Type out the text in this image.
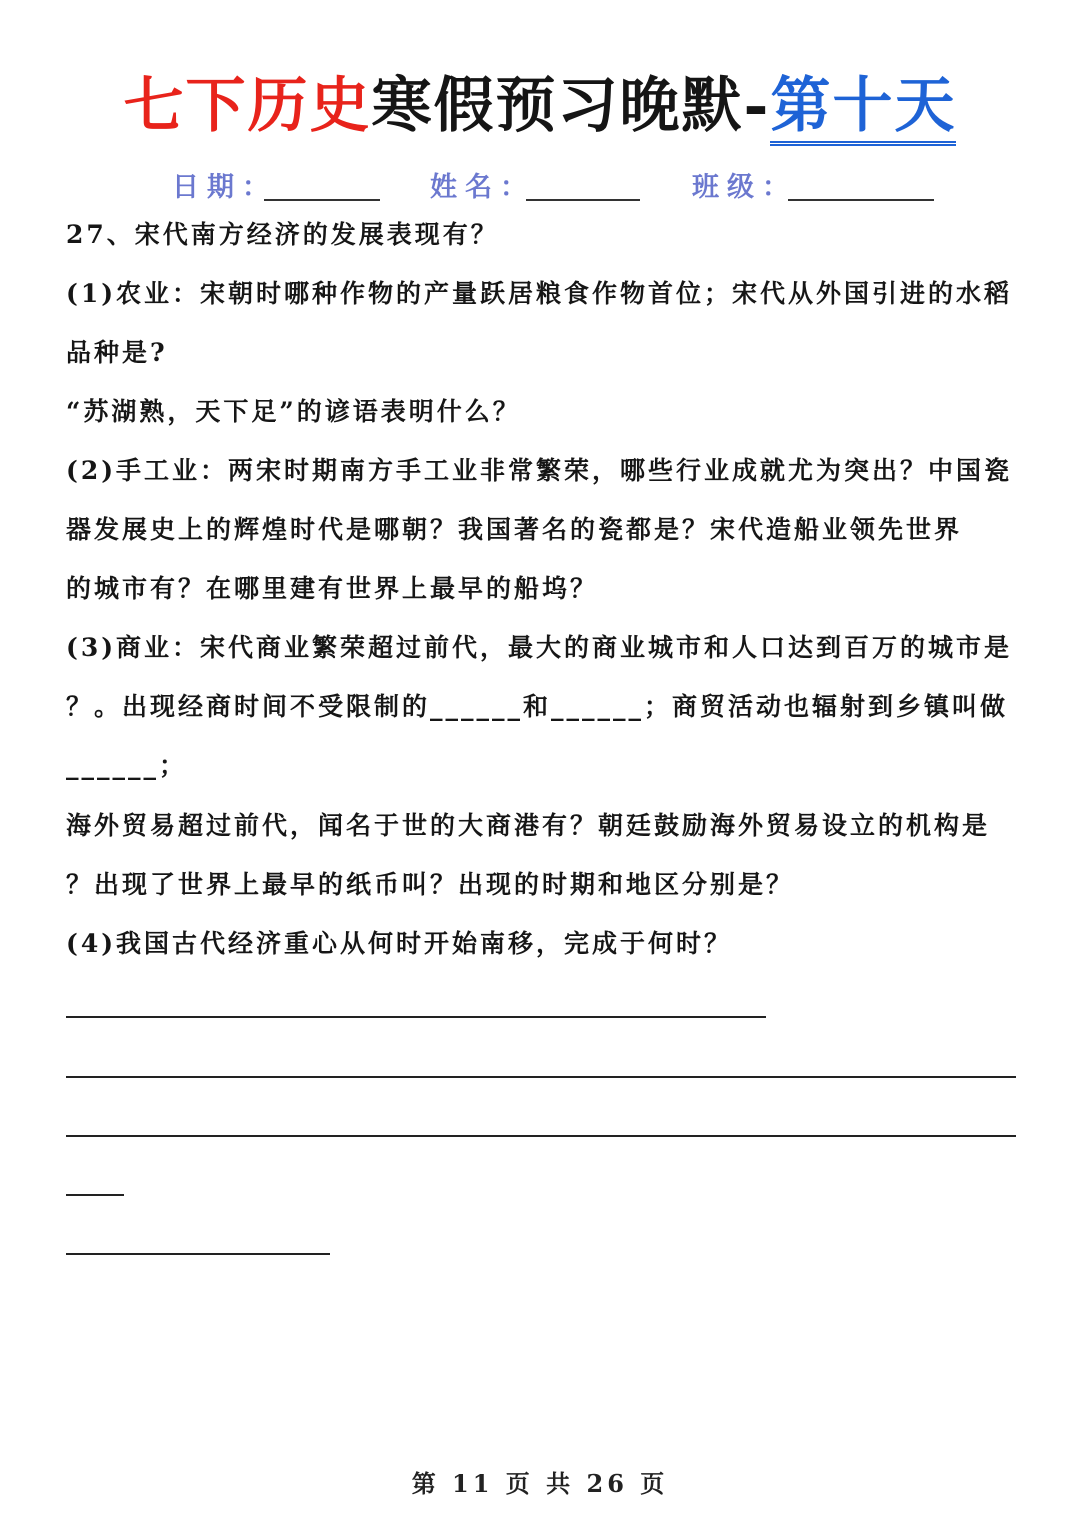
七下历史寒假预习晚默-第十天
日期：	姓名：	班级：

27、宋代南方经济的发展表现有？

(1)农业：宋朝时哪种作物的产量跃居粮食作物首位；宋代从外国引进的水稻

品种是?

“苏湖熟，天下足”的谚语表明什么？

(2)手工业：两宋时期南方手工业非常繁荣，哪些行业成就尤为突出？中国瓷

器发展史上的辉煌时代是哪朝？我国著名的瓷都是？宋代造船业领先世界

的城市有？在哪里建有世界上最早的船坞？

(3)商业：宋代商业繁荣超过前代，最大的商业城市和人口达到百万的城市是

？。出现经商时间不受限制的______和______；商贸活动也辐射到乡镇叫做

______；

海外贸易超过前代，闻名于世的大商港有？朝廷鼓励海外贸易设立的机构是

？出现了世界上最早的纸币叫？出现的时期和地区分别是？

(4)我国古代经济重心从何时开始南移，完成于何时？

第 11 页 共 26 页
